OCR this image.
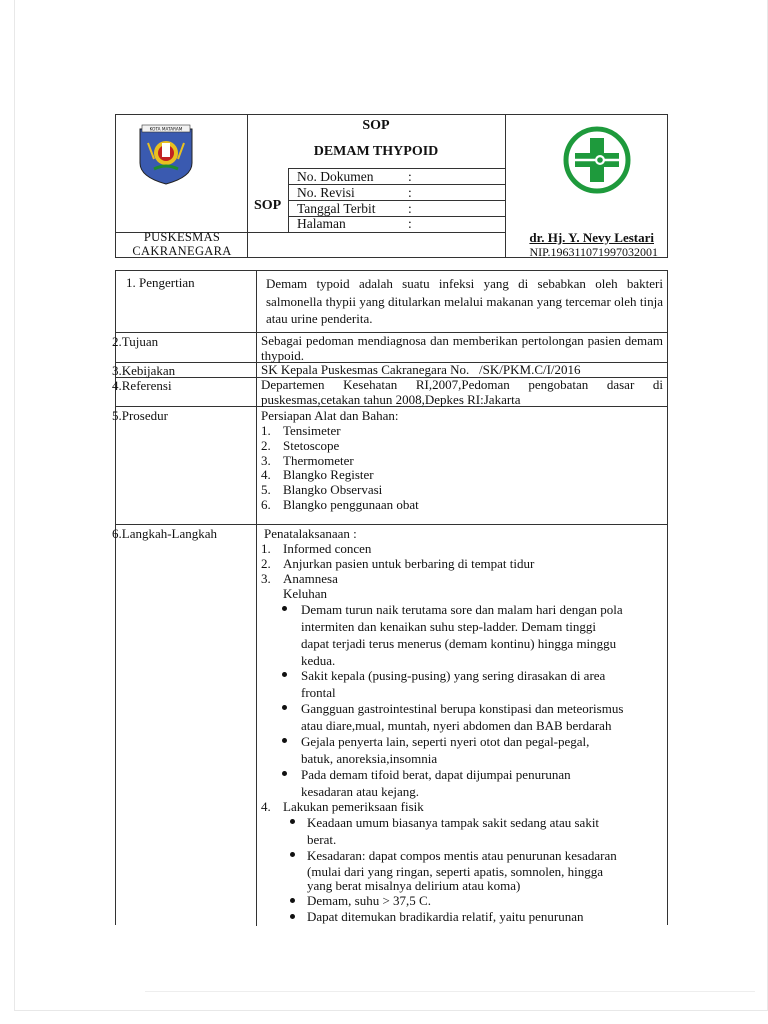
KOTA MATARAM	SOP
DEMAM THYPOID
SOP
No. Dokumen	:
No. Revisi	:
Tanggal Terbit :
Halaman	:
PUSKESMAS
CAKRANEGARA
dr. Hj. Y. Nevy Lestari
NIP.196311071997032001
1. Pengertian	Demam typoid adalah suatu infeksi yang di sebabkan oleh bakteri salmonella thypii yang ditularkan melalui makanan yang tercemar oleh tinja atau urine penderita.
2.Tujuan	Sebagai pedoman mendiagnosa dan memberikan pertolongan pasien demam thypoid.
3.Kebijakan	SK Kepala Puskesmas Cakranegara No.   /SK/PKM.C/I/2016
4.Referensi	Departemen Kesehatan RI,2007,Pedoman pengobatan dasar di puskesmas,cetakan tahun 2008,Depkes RI:Jakarta
5.Prosedur	Persiapan Alat dan Bahan:
1. Tensimeter
2. Stetoscope
3. Thermometer
4. Blangko Register
5. Blangko Observasi
6. Blangko penggunaan obat
6.Langkah-Langkah	Penatalaksanaan :
1. Informed concen
2. Anjurkan pasien untuk berbaring di tempat tidur
3. Anamnesa
Keluhan
Demam turun naik terutama sore dan malam hari dengan pola
intermiten dan kenaikan suhu step-ladder. Demam tinggi
dapat terjadi terus menerus (demam kontinu) hingga minggu
kedua.
Sakit kepala (pusing-pusing) yang sering dirasakan di area
frontal
Gangguan gastrointestinal berupa konstipasi dan meteorismus
atau diare,mual, muntah, nyeri abdomen dan BAB berdarah
Gejala penyerta lain, seperti nyeri otot dan pegal-pegal,
batuk, anoreksia,insomnia
Pada demam tifoid berat, dapat dijumpai penurunan
kesadaran atau kejang.
4. Lakukan pemeriksaan fisik
Keadaan umum biasanya tampak sakit sedang atau sakit
berat.
Kesadaran: dapat compos mentis atau penurunan kesadaran
(mulai dari yang ringan, seperti apatis, somnolen, hingga
yang berat misalnya delirium atau koma)
Demam, suhu > 37,5 C.
Dapat ditemukan bradikardia relatif, yaitu penurunan
